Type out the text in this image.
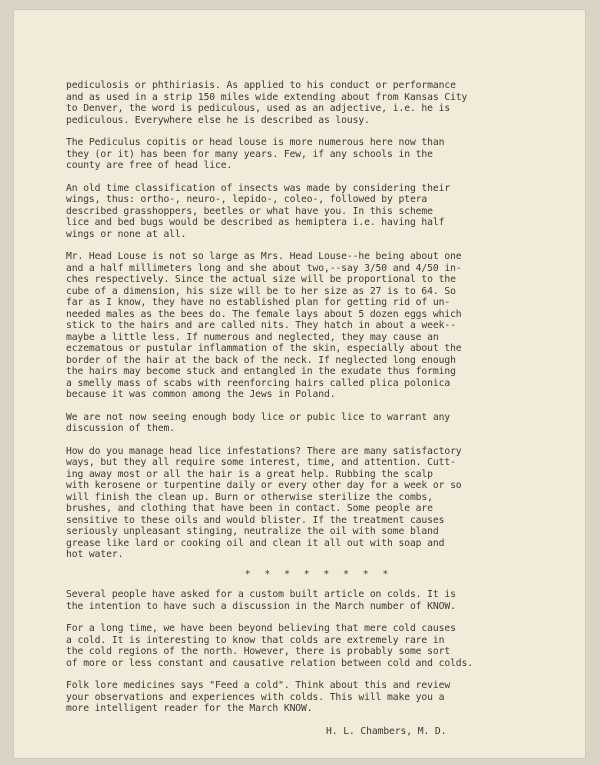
pediculosis or phthiriasis. As applied to his conduct or performance
and as used in a strip 150 miles wide extending about from Kansas City
to Denver, the word is pediculous, used as an adjective, i.e. he is
pediculous. Everywhere else he is described as lousy.

The Pediculus copitis or head louse is more numerous here now than
they (or it) has been for many years. Few, if any schools in the
county are free of head lice.

An old time classification of insects was made by considering their
wings, thus: ortho-, neuro-, lepido-, coleo-, followed by ptera
described grasshoppers, beetles or what have you. In this scheme
lice and bed bugs would be described as hemiptera i.e. having half
wings or none at all.

Mr. Head Louse is not so large as Mrs. Head Louse--he being about one
and a half millimeters long and she about two,--say 3/50 and 4/50 in-
ches respectively. Since the actual size will be proportional to the
cube of a dimension, his size will be to her size as 27 is to 64. So
far as I know, they have no established plan for getting rid of un-
needed males as the bees do. The female lays about 5 dozen eggs which
stick to the hairs and are called nits. They hatch in about a week--
maybe a little less. If numerous and neglected, they may cause an
eczematous or pustular inflammation of the skin, especially about the
border of the hair at the back of the neck. If neglected long enough
the hairs may become stuck and entangled in the exudate thus forming
a smelly mass of scabs with reenforcing hairs called plica polonica
because it was common among the Jews in Poland.

We are not now seeing enough body lice or pubic lice to warrant any
discussion of them.

How do you manage head lice infestations? There are many satisfactory
ways, but they all require some interest, time, and attention. Cutt-
ing away most or all the hair is a great help. Rubbing the scalp
with kerosene or turpentine daily or every other day for a week or so
will finish the clean up. Burn or otherwise sterilize the combs,
brushes, and clothing that have been in contact. Some people are
sensitive to these oils and would blister. If the treatment causes
seriously unpleasant stinging, neutralize the oil with some bland
grease like lard or cooking oil and clean it all out with soap and
hot water.

* * * * * * * *

Several people have asked for a custom built article on colds. It is
the intention to have such a discussion in the March number of KNOW.

For a long time, we have been beyond believing that mere cold causes
a cold. It is interesting to know that colds are extremely rare in
the cold regions of the north. However, there is probably some sort
of more or less constant and causative relation between cold and colds.

Folk lore medicines says "Feed a cold". Think about this and review
your observations and experiences with colds. This will make you a
more intelligent reader for the March KNOW.

H. L. Chambers, M. D.
